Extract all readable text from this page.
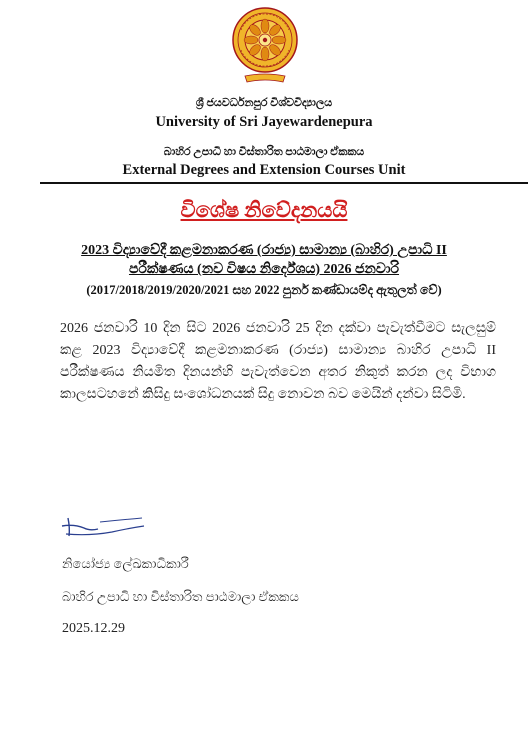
ශ්‍රී ජයවර්ධනපුර විශ්වවිද්‍යාලය
University of Sri Jayewardenepura
බාහිර උපාධි හා විස්තාරිත පාඨමාලා ඒකකය
External Degrees and Extension Courses Unit
විශේෂ නිවේදනයයි
2023 විද්‍යාවේදී කළමනාකරණ (රාජ්‍ය) සාමාන්‍ය (බාහිර) උපාධි II
පරීක්ෂණය (නව විෂය නිර්දේශය) 2026 ජනවාරි
(2017/2018/2019/2020/2021 සහ 2022 පුනර් කණ්ඩායම්ද ඇතුලත් වේ)
2026 ජනවාරි 10 දින සිට 2026 ජනවාරි 25 දින දක්වා පැවැත්වීමට සැලසුම් කළ 2023 විද්‍යාවේදී කළමනාකරණ (රාජ්‍ය) සාමාන්‍ය බාහිර උපාධි II පරීක්ෂණය නියමිත දිනයන්හි පැවැත්වෙන අතර නිකුත් කරන ලද විභාග කාලසටහනේ කිසිදු සංශෝධනයක් සිදු නොවන බව මෙයින් දන්වා සිටිමි.
නියෝජ්‍ය ලේඛකාධිකාරී
බාහිර උපාධි හා විස්තාරිත පාඨමාලා ඒකකය
2025.12.29
